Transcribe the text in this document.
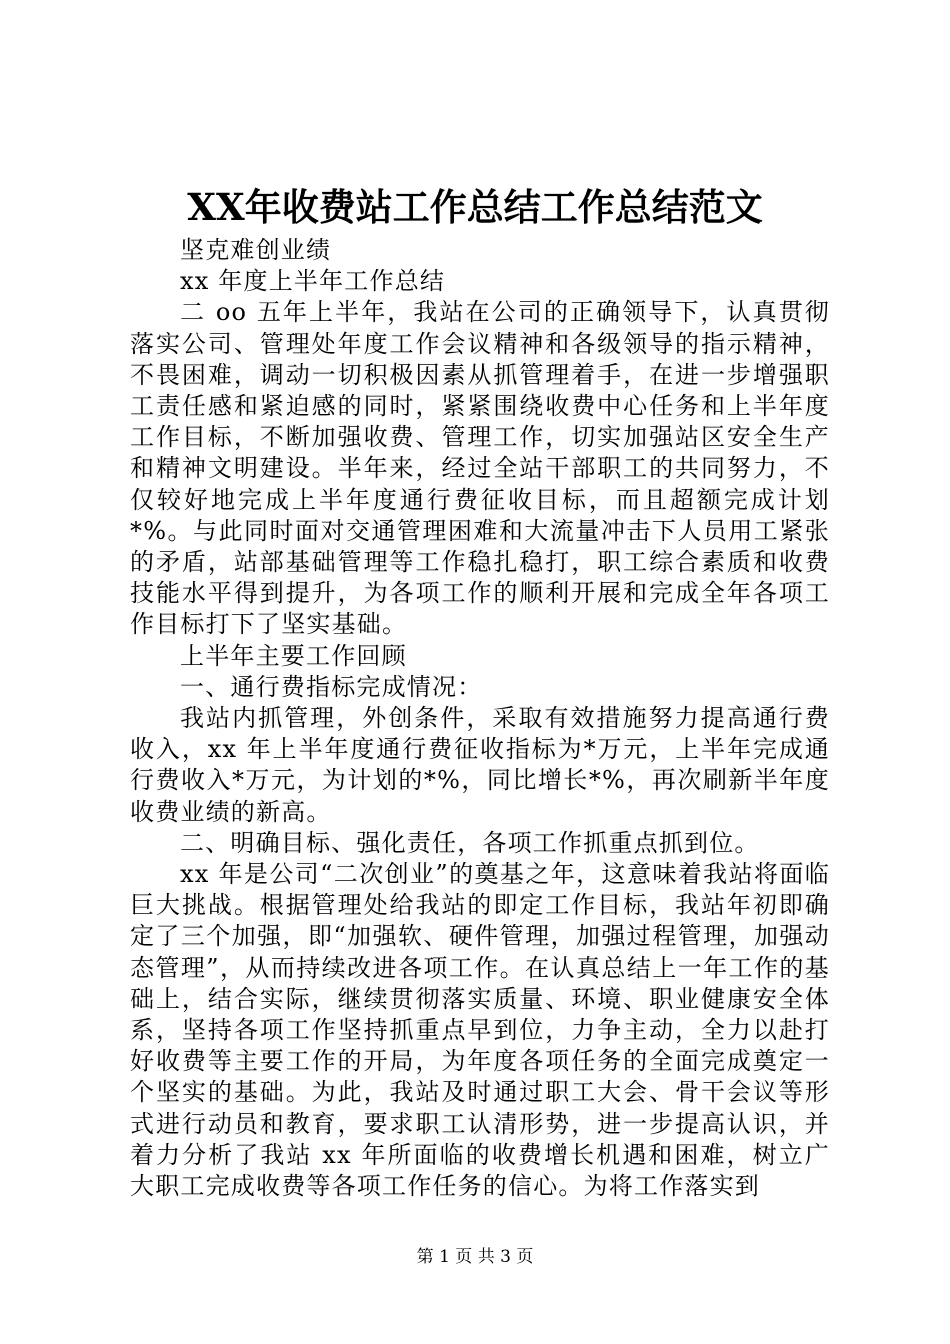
XX年收费站工作总结工作总结范文

坚克难创业绩

xx 年度上半年工作总结

二 oo 五年上半年，我站在公司的正确领导下，认真贯彻落实公司、管理处年度工作会议精神和各级领导的指示精神，不畏困难，调动一切积极因素从抓管理着手，在进一步增强职工责任感和紧迫感的同时，紧紧围绕收费中心任务和上半年度工作目标，不断加强收费、管理工作，切实加强站区安全生产和精神文明建设。半年来，经过全站干部职工的共同努力，不仅较好地完成上半年度通行费征收目标，而且超额完成计划*%。与此同时面对交通管理困难和大流量冲击下人员用工紧张的矛盾，站部基础管理等工作稳扎稳打，职工综合素质和收费技能水平得到提升，为各项工作的顺利开展和完成全年各项工作目标打下了坚实基础。

上半年主要工作回顾

一、通行费指标完成情况：

我站内抓管理，外创条件，采取有效措施努力提高通行费收入，xx 年上半年度通行费征收指标为*万元，上半年完成通行费收入*万元，为计划的*%，同比增长*%，再次刷新半年度收费业绩的新高。

二、明确目标、强化责任，各项工作抓重点抓到位。

xx 年是公司“二次创业”的奠基之年，这意味着我站将面临巨大挑战。根据管理处给我站的即定工作目标，我站年初即确定了三个加强，即“加强软、硬件管理，加强过程管理，加强动态管理”，从而持续改进各项工作。在认真总结上一年工作的基础上，结合实际，继续贯彻落实质量、环境、职业健康安全体系，坚持各项工作坚持抓重点早到位，力争主动，全力以赴打好收费等主要工作的开局，为年度各项任务的全面完成奠定一个坚实的基础。为此，我站及时通过职工大会、骨干会议等形式进行动员和教育，要求职工认清形势，进一步提高认识，并着力分析了我站 xx 年所面临的收费增长机遇和困难，树立广大职工完成收费等各项工作任务的信心。为将工作落实到

第 1 页 共 3 页
